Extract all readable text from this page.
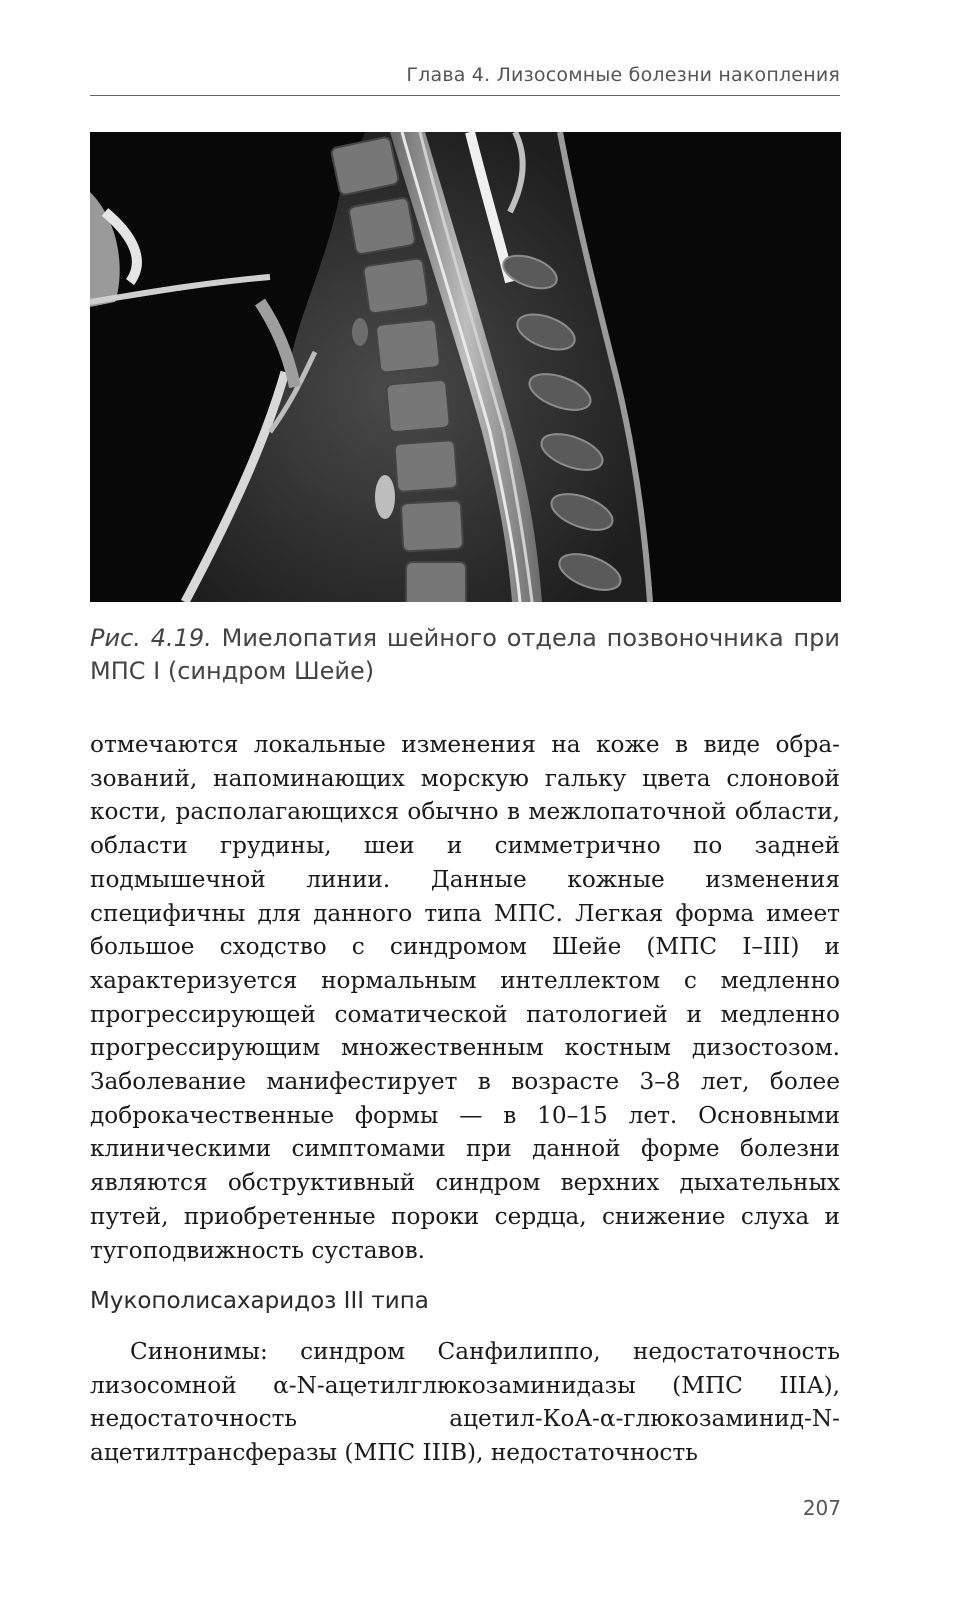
Глава 4. Лизосомные болезни накопления
Рис. 4.19. Миелопатия шейного отдела позвоночника при МПС I (синдром Шейе)
отмечаются локальные изменения на коже в виде образований, напоминающих морскую гальку цвета слоновой кости, располагающихся обычно в межлопаточной области, области грудины, шеи и симметрично по задней подмышечной линии. Данные кожные изменения специфичны для данного типа МПС. Легкая форма имеет большое сходство с синдромом Шейе (МПС I–III) и характеризуется нормальным интеллектом с медленно прогрессирующей соматической патологией и медленно прогрессирующим множественным костным дизостозом. Заболевание манифестирует в возрасте 3–8 лет, более доброкачественные формы — в 10–15 лет. Основными клиническими симптомами при данной форме болезни являются обструктивный синдром верхних дыхательных путей, приобретенные пороки сердца, снижение слуха и тугоподвижность суставов.
Мукополисахаридоз III типа
Синонимы: синдром Санфилиппо, недостаточность лизосомной α-N-ацетилглюкозаминидазы (МПС IIIA), недостаточность ацетил-КоА-α-глюкозаминид-N-ацетилтрансферазы (МПС IIIB), недостаточность
207
